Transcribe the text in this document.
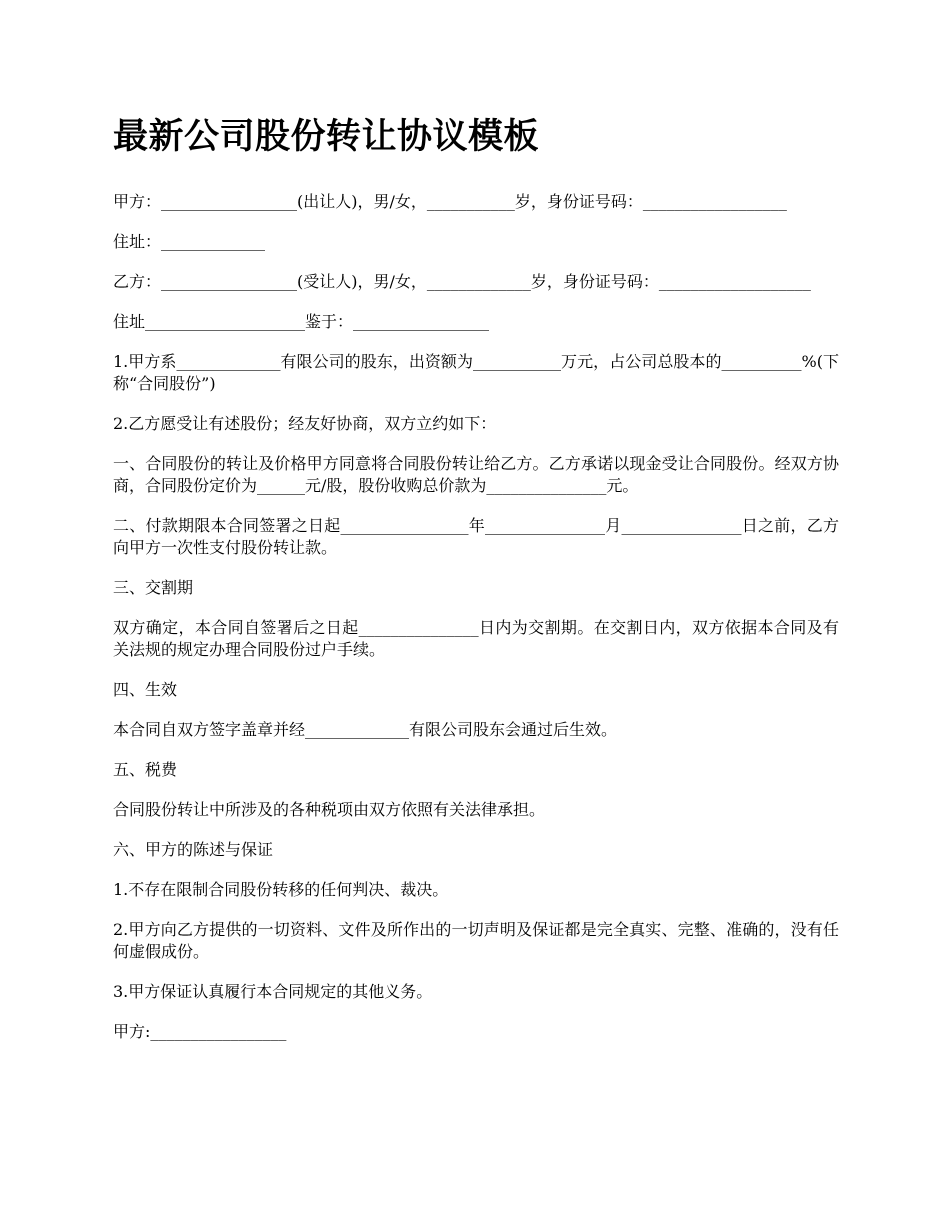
最新公司股份转让协议模板

甲方：_________________(出让人)，男/女，___________岁，身份证号码：__________________

住址：_____________

乙方：_________________(受让人)，男/女，_____________岁，身份证号码：___________________

住址____________________鉴于：_________________

1.甲方系_____________有限公司的股东，出资额为___________万元，占公司总股本的__________%(下称“合同股份”)

2.乙方愿受让有述股份；经友好协商，双方立约如下：

一、合同股份的转让及价格甲方同意将合同股份转让给乙方。乙方承诺以现金受让合同股份。经双方协商，合同股份定价为______元/股，股份收购总价款为_______________元。

二、付款期限本合同签署之日起________________年_______________月_______________日之前，乙方向甲方一次性支付股份转让款。

三、交割期

双方确定，本合同自签署后之日起_______________日内为交割期。在交割日内，双方依据本合同及有关法规的规定办理合同股份过户手续。

四、生效

本合同自双方签字盖章并经_____________有限公司股东会通过后生效。

五、税费

合同股份转让中所涉及的各种税项由双方依照有关法律承担。

六、甲方的陈述与保证

1.不存在限制合同股份转移的任何判决、裁决。

2.甲方向乙方提供的一切资料、文件及所作出的一切声明及保证都是完全真实、完整、准确的，没有任何虚假成份。

3.甲方保证认真履行本合同规定的其他义务。

甲方:_________________
